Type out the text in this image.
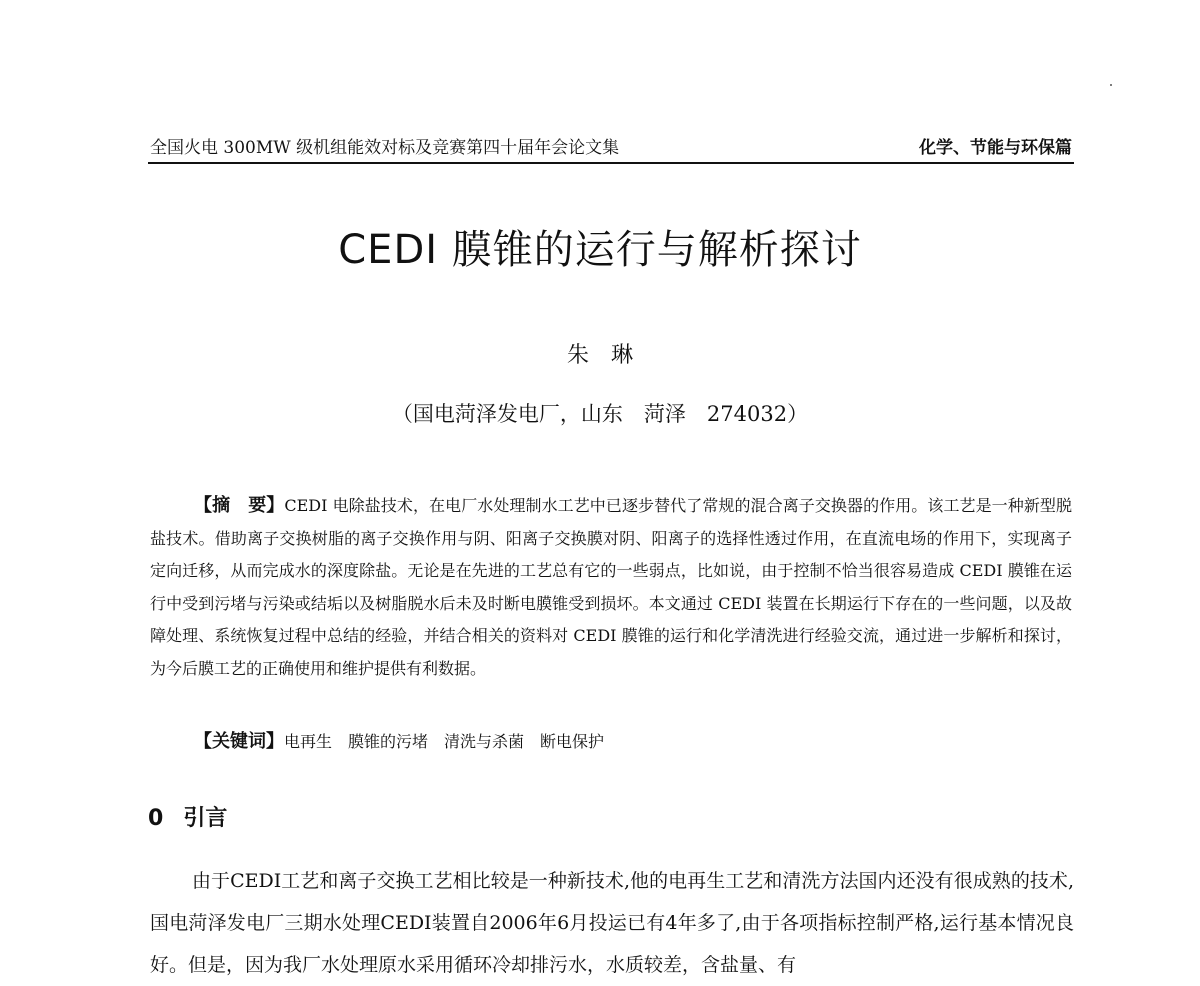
全国火电 300MW 级机组能效对标及竞赛第四十届年会论文集	化学、节能与环保篇
CEDI 膜锥的运行与解析探讨
朱　琳
（国电菏泽发电厂，山东　菏泽　274032）

【摘　要】CEDI 电除盐技术，在电厂水处理制水工艺中已逐步替代了常规的混合离子交换器的作用。该工艺是一种新型脱盐技术。借助离子交换树脂的离子交换作用与阴、阳离子交换膜对阴、阳离子的选择性透过作用，在直流电场的作用下，实现离子定向迁移，从而完成水的深度除盐。无论是在先进的工艺总有它的一些弱点，比如说，由于控制不恰当很容易造成 CEDI 膜锥在运行中受到污堵与污染或结垢以及树脂脱水后未及时断电膜锥受到损坏。本文通过 CEDI 装置在长期运行下存在的一些问题，以及故障处理、系统恢复过程中总结的经验，并结合相关的资料对 CEDI 膜锥的运行和化学清洗进行经验交流，通过进一步解析和探讨，为今后膜工艺的正确使用和维护提供有利数据。

【关键词】电再生　膜锥的污堵　清洗与杀菌　断电保护
0 引言

由于CEDI工艺和离子交换工艺相比较是一种新技术,他的电再生工艺和清洗方法国内还没有很成熟的技术,国电菏泽发电厂三期水处理CEDI装置自2006年6月投运已有4年多了,由于各项指标控制严格,运行基本情况良好。但是，因为我厂水处理原水采用循环冷却排污水，水质较差，含盐量、有
